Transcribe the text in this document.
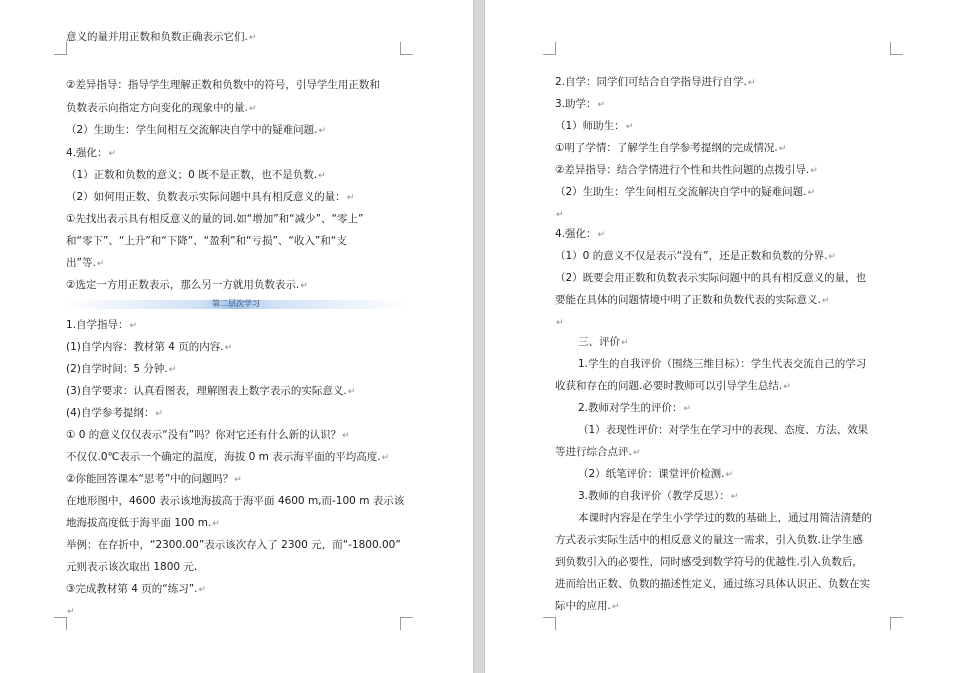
意义的量并用正数和负数正确表示它们.↵
②差异指导：指导学生理解正数和负数中的符号，引导学生用正数和
负数表示向指定方向变化的现象中的量.↵
（2）生助生：学生间相互交流解决自学中的疑难问题.↵
4.强化：↵
（1）正数和负数的意义；0 既不是正数，也不是负数.↵
（2）如何用正数、负数表示实际问题中具有相反意义的量：↵
①先找出表示具有相反意义的量的词.如“增加”和“减少”、“零上”
和“零下”、“上升”和“下降”、“盈利”和“亏损”、“收入”和“支
出”等.↵
②选定一方用正数表示，那么另一方就用负数表示.↵
第二层次学习
1.自学指导：↵
(1)自学内容：教材第 4 页的内容.↵
(2)自学时间：5 分钟.↵
(3)自学要求：认真看图表，理解图表上数字表示的实际意义.↵
(4)自学参考提纲：↵
① 0 的意义仅仅表示“没有”吗？你对它还有什么新的认识？↵
不仅仅.0℃表示一个确定的温度，海拔 0 m 表示海平面的平均高度.↵
②你能回答课本“思考”中的问题吗？↵
在地形图中，4600 表示该地海拔高于海平面 4600 m,而-100 m 表示该
地海拔高度低于海平面 100 m.↵
举例：在存折中，“2300.00”表示该次存入了 2300 元，而“-1800.00”
元则表示该次取出 1800 元.
③完成教材第 4 页的“练习”.↵
↵
2.自学：同学们可结合自学指导进行自学.↵
3.助学：↵
（1）师助生：↵
①明了学情：了解学生自学参考提纲的完成情况.↵
②差异指导：结合学情进行个性和共性问题的点拨引导.↵
（2）生助生：学生间相互交流解决自学中的疑难问题.↵
↵
4.强化：↵
（1）0 的意义不仅是表示“没有”，还是正数和负数的分界.↵
（2）既要会用正数和负数表示实际问题中的具有相反意义的量，也
要能在具体的问题情境中明了正数和负数代表的实际意义.↵
↵
三、评价↵
1.学生的自我评价（围绕三维目标）：学生代表交流自己的学习
收获和存在的问题.必要时教师可以引导学生总结.↵
2.教师对学生的评价：↵
（1）表现性评价：对学生在学习中的表现、态度、方法、效果
等进行综合点评.↵
（2）纸笔评价：课堂评价检测.↵
3.教师的自我评价（教学反思）：↵
本课时内容是在学生小学学过的数的基础上，通过用简洁清楚的
方式表示实际生活中的相反意义的量这一需求，引入负数.让学生感
到负数引入的必要性，同时感受到数学符号的优越性.引入负数后，
进而给出正数、负数的描述性定义，通过练习具体认识正、负数在实
际中的应用.↵
